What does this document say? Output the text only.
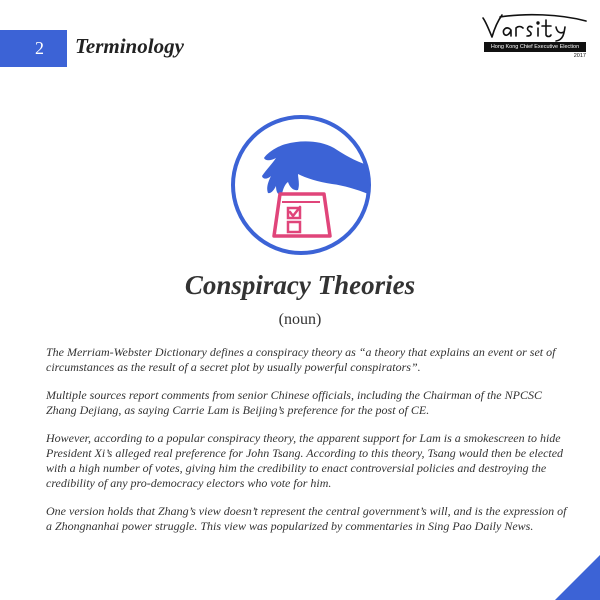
2 Terminology	Hong Kong Chief Executive Election
2017
Conspiracy Theories
(noun)

The Merriam-Webster Dictionary defines a conspiracy theory as “a theory that explains an event or set of circumstances as the result of a secret plot by usually powerful conspirators”.

Multiple sources report comments from senior Chinese officials, including the Chairman of the NPCSC Zhang Dejiang, as saying Carrie Lam is Beijing’s preference for the post of CE.

However, according to a popular conspiracy theory, the apparent support for Lam is a smokescreen to hide President Xi’s alleged real preference for John Tsang. According to this theory, Tsang would then be elected with a high number of votes, giving him the credibility to enact controversial policies and destroying the credibility of any pro-democracy electors who vote for him.

One version holds that Zhang’s view doesn’t represent the central government’s will, and is the expression of a Zhongnanhai power struggle. This view was popularized by commentaries in Sing Pao Daily News.
